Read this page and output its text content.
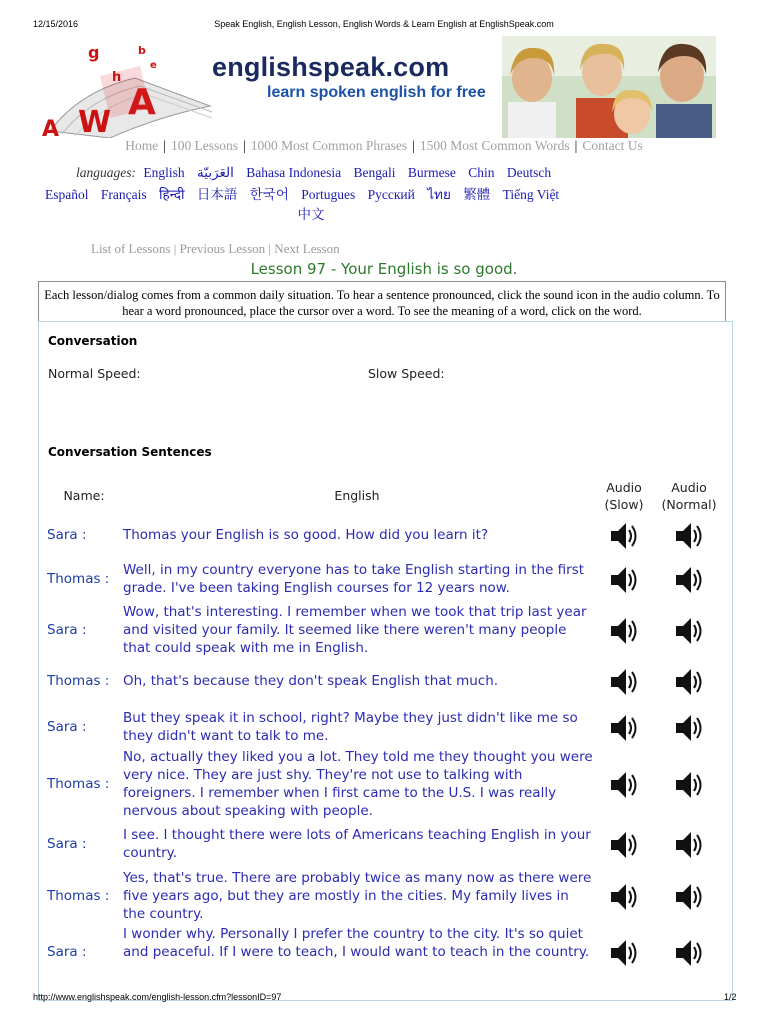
12/15/2016	Speak English, English Lesson, English Words & Learn English at EnglishSpeak.com
g
h
b
e
A
W
A
englishspeak.com
learn spoken english for free
Home | 100 Lessons | 1000 Most Common Phrases | 1500 Most Common Words | Contact Us
languages: English العَرَبيّة Bahasa Indonesia Bengali Burmese Chin Deutsch
Español Français हिन्दी 日本語 한국어 Portugues Русский ไทย 繁體 Tiếng Việt
中文
List of Lessons | Previous Lesson | Next Lesson
Lesson 97 - Your English is so good.
Each lesson/dialog comes from a common daily situation. To hear a sentence pronounced, click the sound icon in the audio column. To hear a word pronounced, place the cursor over a word. To see the meaning of a word, click on the word.
Conversation
Normal Speed:	Slow Speed:
Conversation Sentences
Name:	English
Audio
(Slow)
Audio
(Normal)
Sara :	Thomas your English is so good. How did you learn it?
Thomas :
Well, in my country everyone has to take English starting in the first grade. I've been taking English courses for 12 years now.
Sara :
Wow, that's interesting. I remember when we took that trip last year and visited your family. It seemed like there weren't many people that could speak with me in English.
Thomas : Oh, that's because they don't speak English that much.
Sara :
But they speak it in school, right? Maybe they just didn't like me so they didn't want to talk to me.
Thomas :
No, actually they liked you a lot. They told me they thought you were very nice. They are just shy. They're not use to talking with foreigners. I remember when I first came to the U.S. I was really nervous about speaking with people.
Sara :
I see. I thought there were lots of Americans teaching English in your country.
Thomas :
Yes, that's true. There are probably twice as many now as there were five years ago, but they are mostly in the cities. My family lives in the country.
Sara :
I wonder why. Personally I prefer the country to the city. It's so quiet and peaceful. If I were to teach, I would want to teach in the country.
http://www.englishspeak.com/english-lesson.cfm?lessonID=97	1/2
